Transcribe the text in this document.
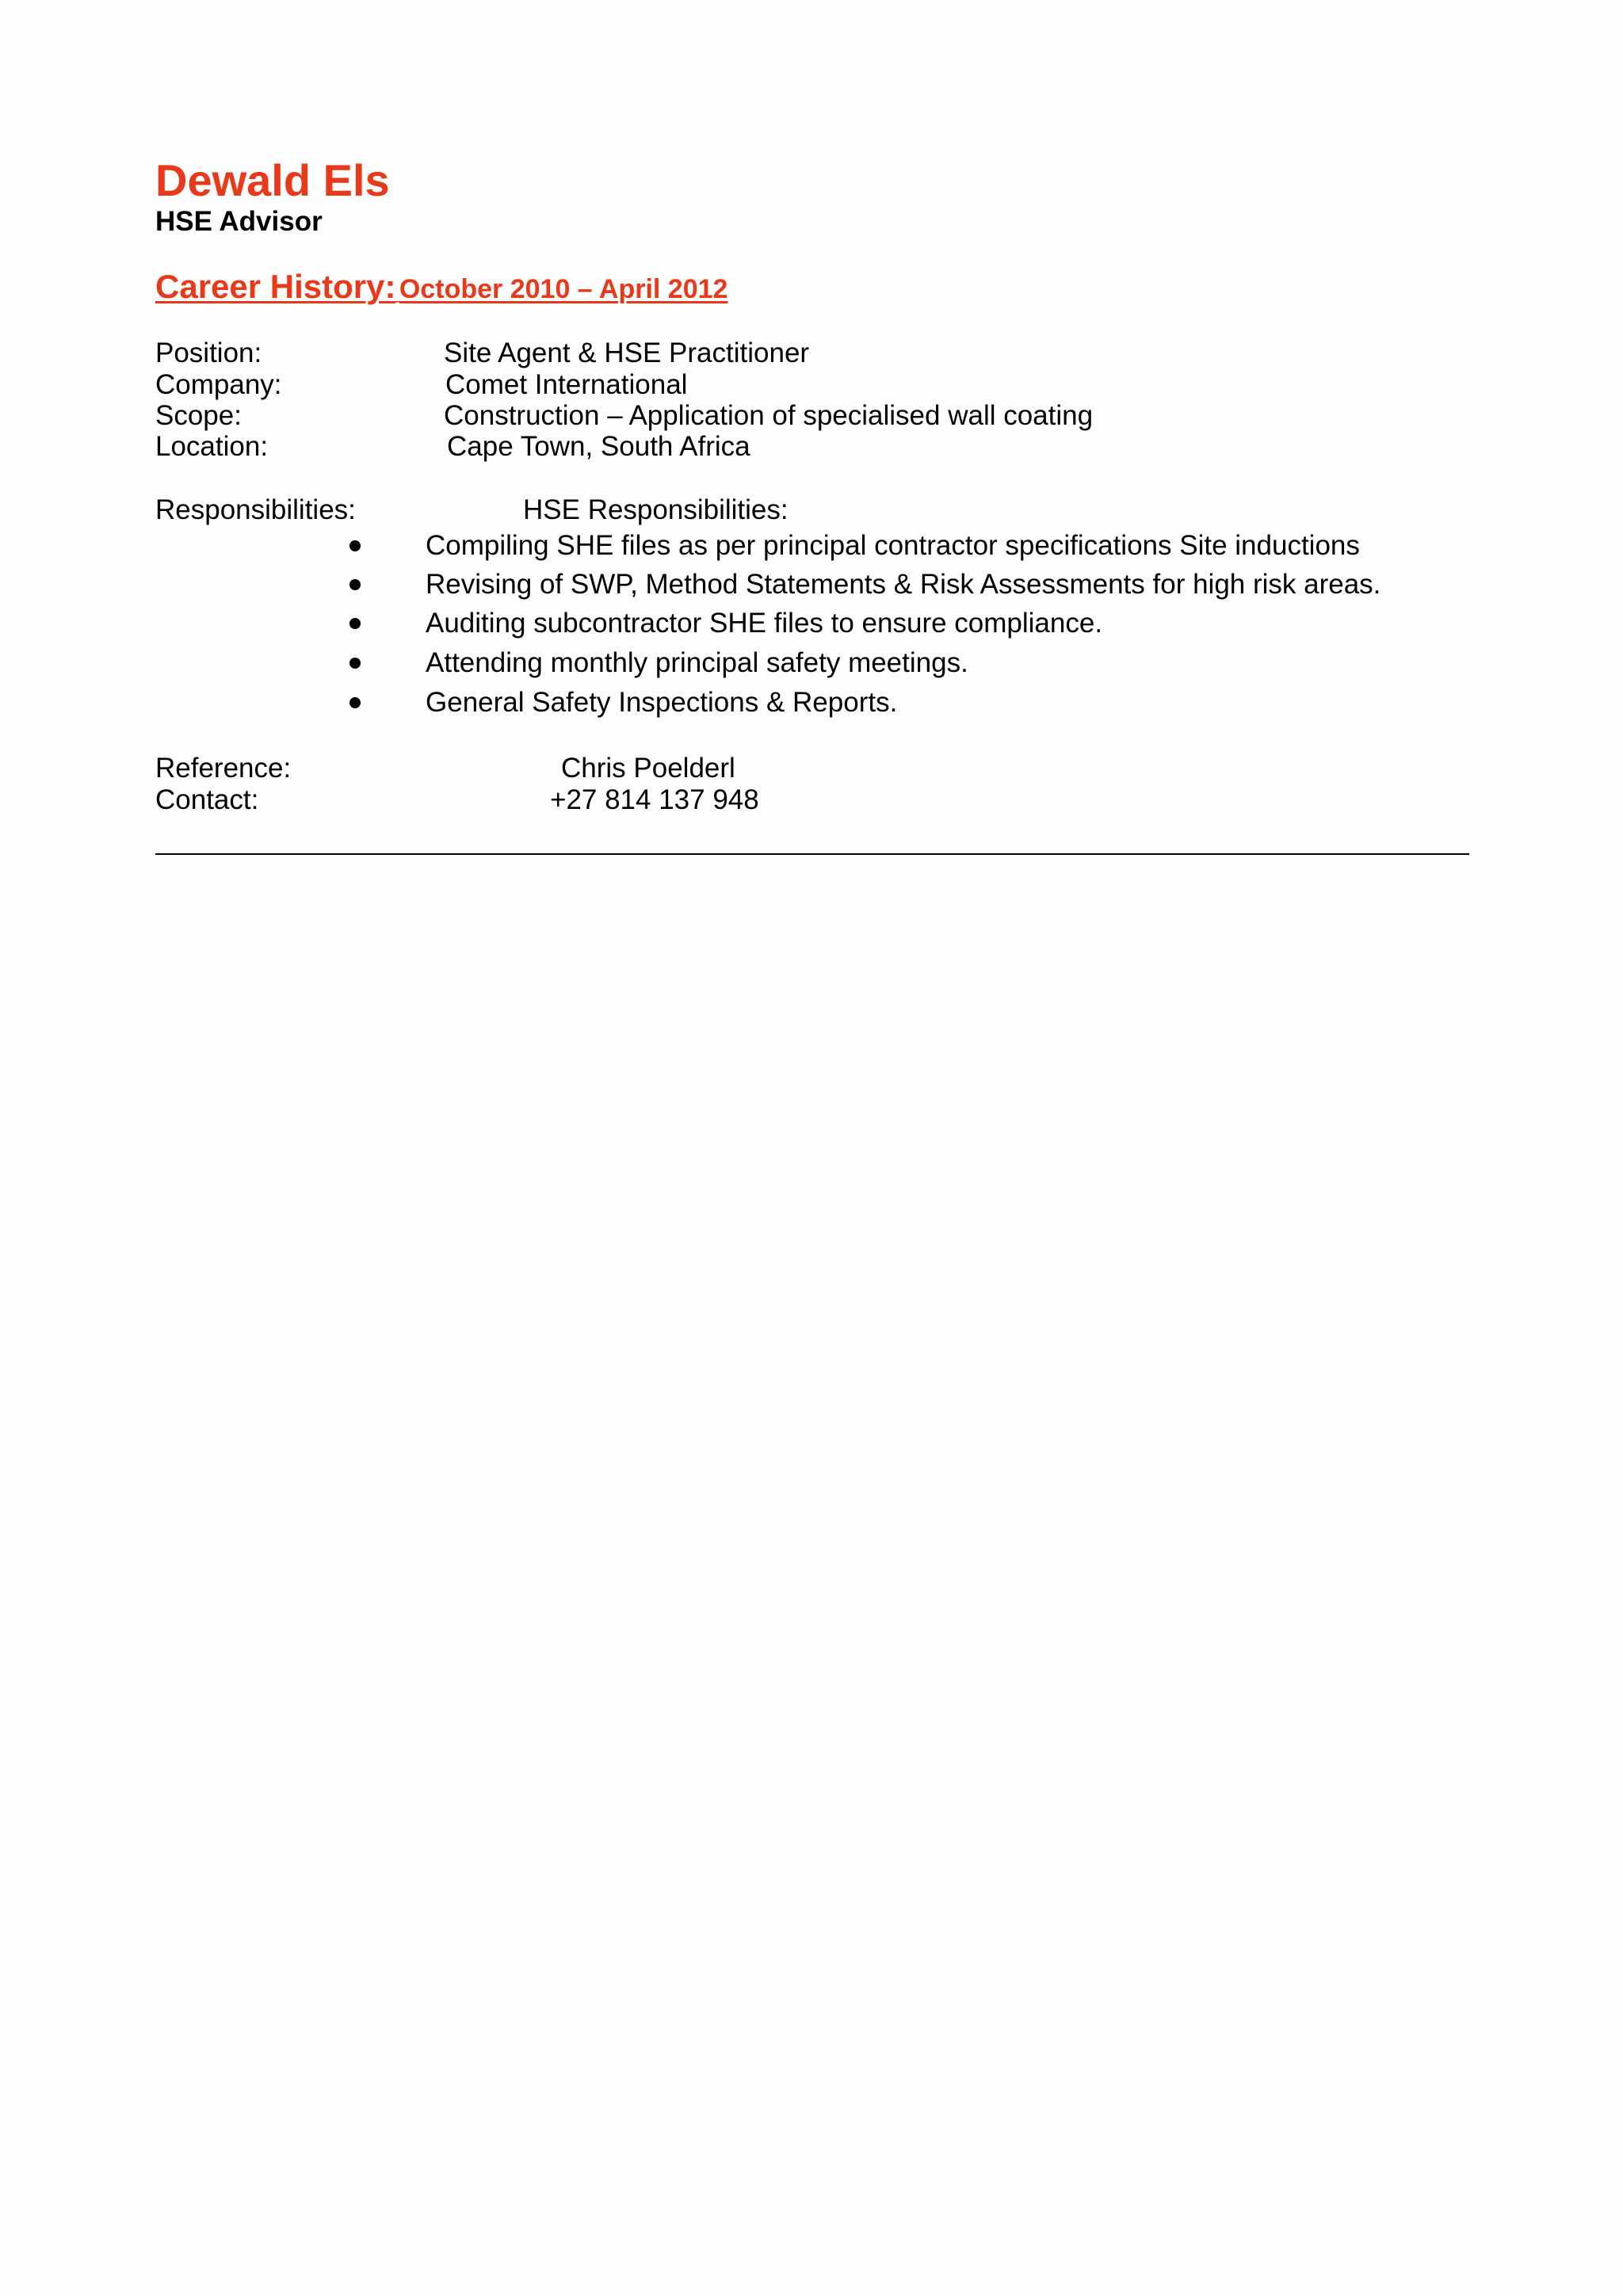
Dewald Els
HSE Advisor
Career History: October 2010 – April 2012
Position:	Site Agent & HSE Practitioner
Company:	Comet International
Scope:	Construction – Application of specialised wall coating
Location:	Cape Town, South Africa
Responsibilities:	HSE Responsibilities:
Compiling SHE files as per principal contractor specifications Site inductions
Revising of SWP, Method Statements & Risk Assessments for high risk areas.
Auditing subcontractor SHE files to ensure compliance.
Attending monthly principal safety meetings.
General Safety Inspections & Reports.
Reference:	Chris Poelderl
Contact:	+27 814 137 948
